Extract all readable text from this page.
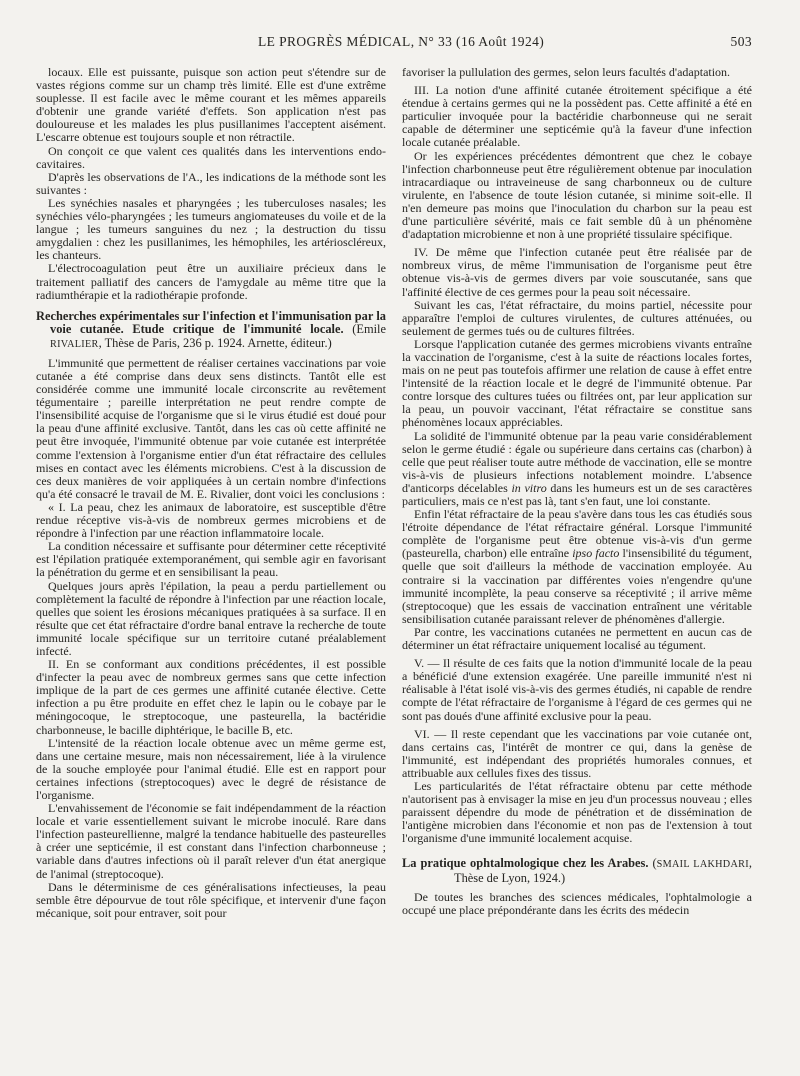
LE PROGRÈS MÉDICAL, N° 33 (16 Août 1924)	503

locaux. Elle est puissante, puisque son action peut s'étendre sur de vastes régions comme sur un champ très limité. Elle est d'une extrême souplesse. Il est facile avec le même courant et les mêmes appareils d'obtenir une grande variété d'effets. Son application n'est pas douloureuse et les malades les plus pusillanimes l'acceptent aisément. L'escarre obtenue est toujours souple et non rétractile.

On conçoit ce que valent ces qualités dans les interventions endo-cavitaires.

D'après les observations de l'A., les indications de la méthode sont les suivantes :

Les synéchies nasales et pharyngées ; les tuberculoses nasales; les synéchies vélo-pharyngées ; les tumeurs angiomateuses du voile et de la langue ; les tumeurs sanguines du nez ; la destruction du tissu amygdalien : chez les pusillanimes, les hémophiles, les artérioscléreux, les chanteurs.

L'électrocoagulation peut être un auxiliaire précieux dans le traitement palliatif des cancers de l'amygdale au même titre que la radiumthérapie et la radiothérapie profonde.

Recherches expérimentales sur l'infection et l'immunisation par la voie cutanée. Etude critique de l'immunité locale. (Emile RIVALIER, Thèse de Paris, 236 p. 1924. Arnette, éditeur.)

L'immunité que permettent de réaliser certaines vaccinations par voie cutanée a été comprise dans deux sens distincts. Tantôt elle est considérée comme une immunité locale circonscrite au revêtement tégumentaire ; pareille interprétation ne peut rendre compte de l'insensibilité acquise de l'organisme que si le virus étudié est doué pour la peau d'une affinité exclusive. Tantôt, dans les cas où cette affinité ne peut être invoquée, l'immunité obtenue par voie cutanée est interprétée comme l'extension à l'organisme entier d'un état réfractaire des cellules mises en contact avec les éléments microbiens. C'est à la discussion de ces deux manières de voir appliquées à un certain nombre d'infections qu'a été consacré le travail de M. E. Rivalier, dont voici les conclusions :

« I. La peau, chez les animaux de laboratoire, est susceptible d'être rendue réceptive vis-à-vis de nombreux germes microbiens et de répondre à l'infection par une réaction inflammatoire locale.

La condition nécessaire et suffisante pour déterminer cette réceptivité est l'épilation pratiquée extemporanément, qui semble agir en favorisant la pénétration du germe et en sensibilisant la peau.

Quelques jours après l'épilation, la peau a perdu partiellement ou complètement la faculté de répondre à l'infection par une réaction locale, quelles que soient les érosions mécaniques pratiquées à sa surface. Il en résulte que cet état réfractaire d'ordre banal entrave la recherche de toute immunité locale spécifique sur un territoire cutané préalablement infecté.

II. En se conformant aux conditions précédentes, il est possible d'infecter la peau avec de nombreux germes sans que cette infection implique de la part de ces germes une affinité cutanée élective. Cette infection a pu être produite en effet chez le lapin ou le cobaye par le méningocoque, le streptocoque, une pasteurella, la bactéridie charbonneuse, le bacille diphtérique, le bacille B, etc.

L'intensité de la réaction locale obtenue avec un même germe est, dans une certaine mesure, mais non nécessairement, liée à la virulence de la souche employée pour l'animal étudié. Elle est en rapport pour certaines infections (streptocoques) avec le degré de résistance de l'organisme.

L'envahissement de l'économie se fait indépendamment de la réaction locale et varie essentiellement suivant le microbe inoculé. Rare dans l'infection pasteurellienne, malgré la tendance habituelle des pasteurelles à créer une septicémie, il est constant dans l'infection charbonneuse ; variable dans d'autres infections où il paraît relever d'un état anergique de l'animal (streptocoque).

Dans le déterminisme de ces généralisations infectieuses, la peau semble être dépourvue de tout rôle spécifique, et intervenir d'une façon mécanique, soit pour entraver, soit pour

favoriser la pullulation des germes, selon leurs facultés d'adaptation.

III. La notion d'une affinité cutanée étroitement spécifique a été étendue à certains germes qui ne la possèdent pas. Cette affinité a été en particulier invoquée pour la bactéridie charbonneuse qui ne serait capable de déterminer une septicémie qu'à la faveur d'une infection locale cutanée préalable.

Or les expériences précédentes démontrent que chez le cobaye l'infection charbonneuse peut être régulièrement obtenue par inoculation intracardiaque ou intraveineuse de sang charbonneux ou de culture virulente, en l'absence de toute lésion cutanée, si minime soit-elle. Il n'en demeure pas moins que l'inoculation du charbon sur la peau est d'une particulière sévérité, mais ce fait semble dû à un phénomène d'adaptation microbienne et non à une propriété tissulaire spécifique.

IV. De même que l'infection cutanée peut être réalisée par de nombreux virus, de même l'immunisation de l'organisme peut être obtenue vis-à-vis de germes divers par voie souscutanée, sans que l'affinité élective de ces germes pour la peau soit nécessaire.

Suivant les cas, l'état réfractaire, du moins partiel, nécessite pour apparaître l'emploi de cultures virulentes, de cultures atténuées, ou seulement de germes tués ou de cultures filtrées.

Lorsque l'application cutanée des germes microbiens vivants entraîne la vaccination de l'organisme, c'est à la suite de réactions locales fortes, mais on ne peut pas toutefois affirmer une relation de cause à effet entre l'intensité de la réaction locale et le degré de l'immunité obtenue. Par contre lorsque des cultures tuées ou filtrées ont, par leur application sur la peau, un pouvoir vaccinant, l'état réfractaire se constitue sans phénomènes locaux appréciables.

La solidité de l'immunité obtenue par la peau varie considérablement selon le germe étudié : égale ou supérieure dans certains cas (charbon) à celle que peut réaliser toute autre méthode de vaccination, elle se montre vis-à-vis de plusieurs infections notablement moindre. L'absence d'anticorps décelables in vitro dans les humeurs est un de ses caractères particuliers, mais ce n'est pas là, tant s'en faut, une loi constante.

Enfin l'état réfractaire de la peau s'avère dans tous les cas étudiés sous l'étroite dépendance de l'état réfractaire général. Lorsque l'immunité complète de l'organisme peut être obtenue vis-à-vis d'un germe (pasteurella, charbon) elle entraîne ipso facto l'insensibilité du tégument, quelle que soit d'ailleurs la méthode de vaccination employée. Au contraire si la vaccination par différentes voies n'engendre qu'une immunité incomplète, la peau conserve sa réceptivité ; il arrive même (streptocoque) que les essais de vaccination entraînent une véritable sensibilisation cutanée paraissant relever de phénomènes d'allergie.

Par contre, les vaccinations cutanées ne permettent en aucun cas de déterminer un état réfractaire uniquement localisé au tégument.

V. — Il résulte de ces faits que la notion d'immunité locale de la peau a bénéficié d'une extension exagérée. Une pareille immunité n'est ni réalisable à l'état isolé vis-à-vis des germes étudiés, ni capable de rendre compte de l'état réfractaire de l'organisme à l'égard de ces germes qui ne sont pas doués d'une affinité exclusive pour la peau.

VI. — Il reste cependant que les vaccinations par voie cutanée ont, dans certains cas, l'intérêt de montrer ce qui, dans la genèse de l'immunité, est indépendant des propriétés humorales connues, et attribuable aux cellules fixes des tissus.

Les particularités de l'état réfractaire obtenu par cette méthode n'autorisent pas à envisager la mise en jeu d'un processus nouveau ; elles paraissent dépendre du mode de pénétration et de dissémination de l'antigène microbien dans l'économie et non pas de l'extension à tout l'organisme d'une immunité localement acquise.

La pratique ophtalmologique chez les Arabes. (SMAIL LAKHDARI, Thèse de Lyon, 1924.)

De toutes les branches des sciences médicales, l'ophtalmologie a occupé une place prépondérante dans les écrits des médecin
